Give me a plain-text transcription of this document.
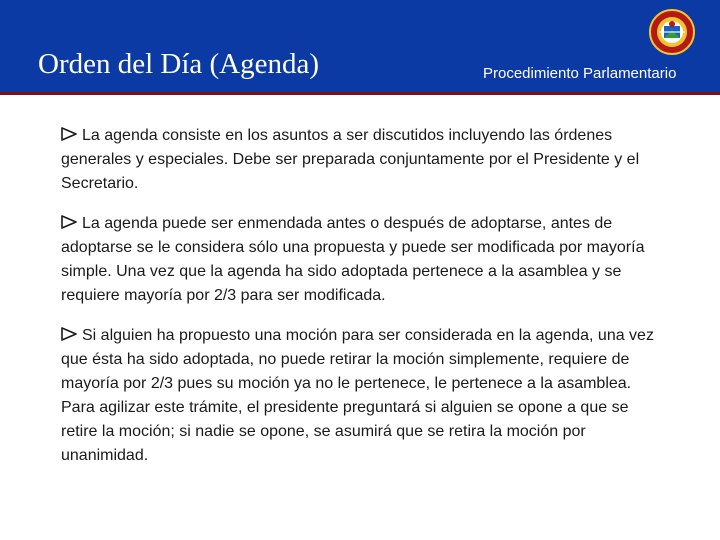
Orden del Día (Agenda)	Procedimiento Parlamentario
La agenda consiste en los asuntos a ser discutidos incluyendo las órdenes generales y especiales. Debe ser preparada conjuntamente por el Presidente y el Secretario.
La agenda puede ser enmendada antes o después de adoptarse, antes de adoptarse se le considera sólo una propuesta y puede ser modificada por mayoría simple. Una vez que la agenda ha sido adoptada pertenece a la asamblea y se requiere mayoría por 2/3 para ser modificada.
Si alguien ha propuesto una moción para ser considerada en la agenda, una vez que ésta ha sido adoptada, no puede retirar la moción simplemente, requiere de mayoría por 2/3 pues su moción ya no le pertenece, le pertenece a la asamblea. Para agilizar este trámite, el presidente preguntará si alguien se opone a que se retire la moción; si nadie se opone, se asumirá que se retira la moción por unanimidad.
